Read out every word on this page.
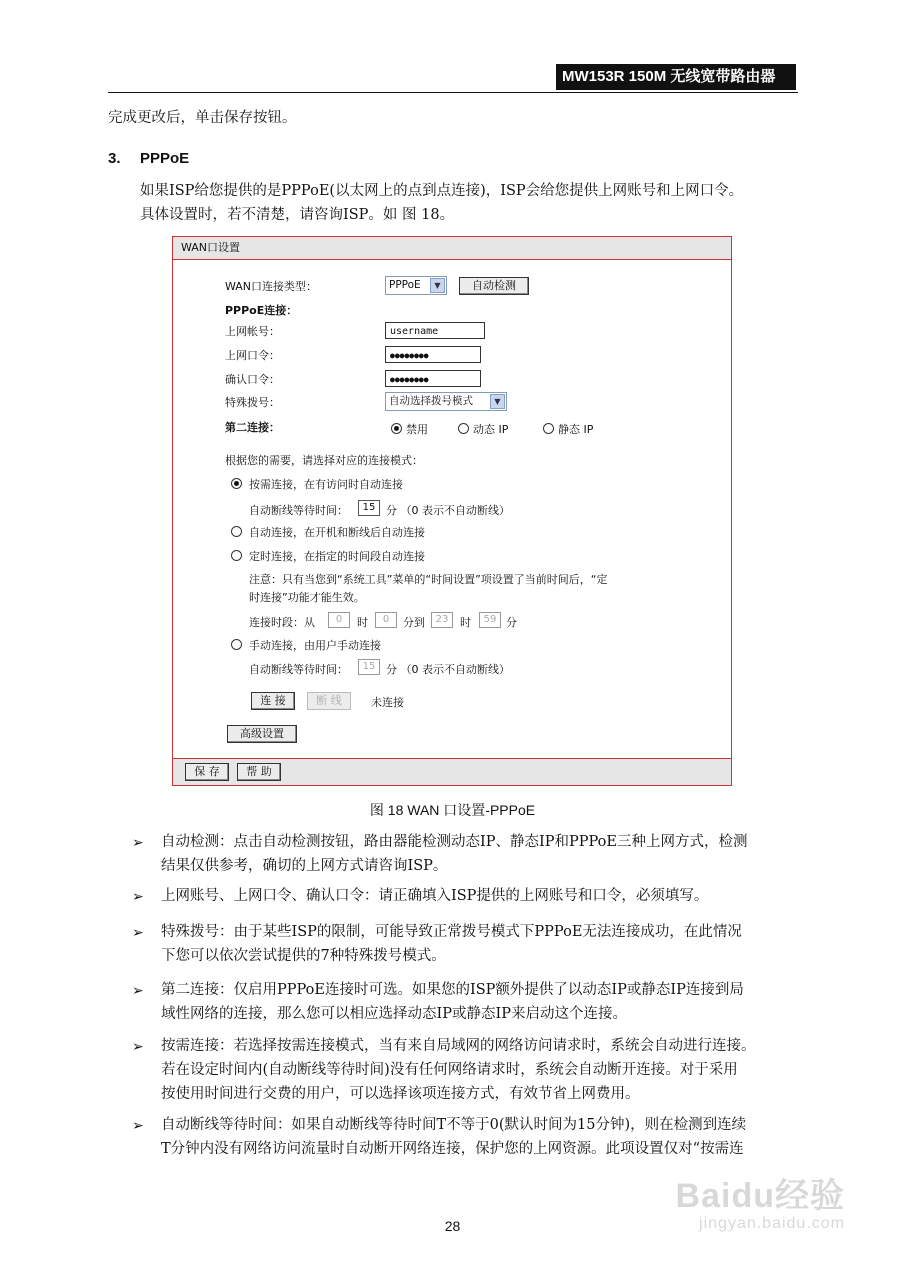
MW153R 150M 无线宽带路由器
完成更改后，单击保存按钮。
3. PPPoE
如果ISP给您提供的是PPPoE(以太网上的点到点连接)，ISP会给您提供上网账号和上网口令。
具体设置时，若不清楚，请咨询ISP。如 图 18。
WAN口设置
WAN口连接类型：	PPPoE	▼	自动检测
PPPoE连接：
上网帐号：	username
上网口令：	●●●●●●●●
确认口令：	●●●●●●●●
特殊拨号：	自动选择拨号模式	▼
第二连接：	禁用	动态 IP	静态 IP
根据您的需要，请选择对应的连接模式：
按需连接，在有访问时自动连接
自动断线等待时间：	15 分 （0 表示不自动断线）
自动连接，在开机和断线后自动连接
定时连接，在指定的时间段自动连接
注意：只有当您到“系统工具”菜单的“时间设置”项设置了当前时间后，“定
时连接”功能才能生效。
连接时段：从	0	时	0	分到	23	时	59 分
手动连接，由用户手动连接
自动断线等待时间：	15 分 （0 表示不自动断线）
连 接	断 线	未连接
高级设置
保 存	帮 助
图 18 WAN 口设置-PPPoE
➢ 自动检测：点击自动检测按钮，路由器能检测动态IP、静态IP和PPPoE三种上网方式，检测
结果仅供参考，确切的上网方式请咨询ISP。
➢ 上网账号、上网口令、确认口令：请正确填入ISP提供的上网账号和口令，必须填写。
➢ 特殊拨号：由于某些ISP的限制，可能导致正常拨号模式下PPPoE无法连接成功，在此情况
下您可以依次尝试提供的7种特殊拨号模式。
➢ 第二连接：仅启用PPPoE连接时可选。如果您的ISP额外提供了以动态IP或静态IP连接到局
域性网络的连接，那么您可以相应选择动态IP或静态IP来启动这个连接。
➢ 按需连接：若选择按需连接模式，当有来自局域网的网络访问请求时，系统会自动进行连接。
若在设定时间内(自动断线等待时间)没有任何网络请求时，系统会自动断开连接。对于采用
按使用时间进行交费的用户，可以选择该项连接方式，有效节省上网费用。
➢ 自动断线等待时间：如果自动断线等待时间T不等于0(默认时间为15分钟)，则在检测到连续
T分钟内没有网络访问流量时自动断开网络连接，保护您的上网资源。此项设置仅对“按需连
Baidu经验
jingyan.baidu.com
28
